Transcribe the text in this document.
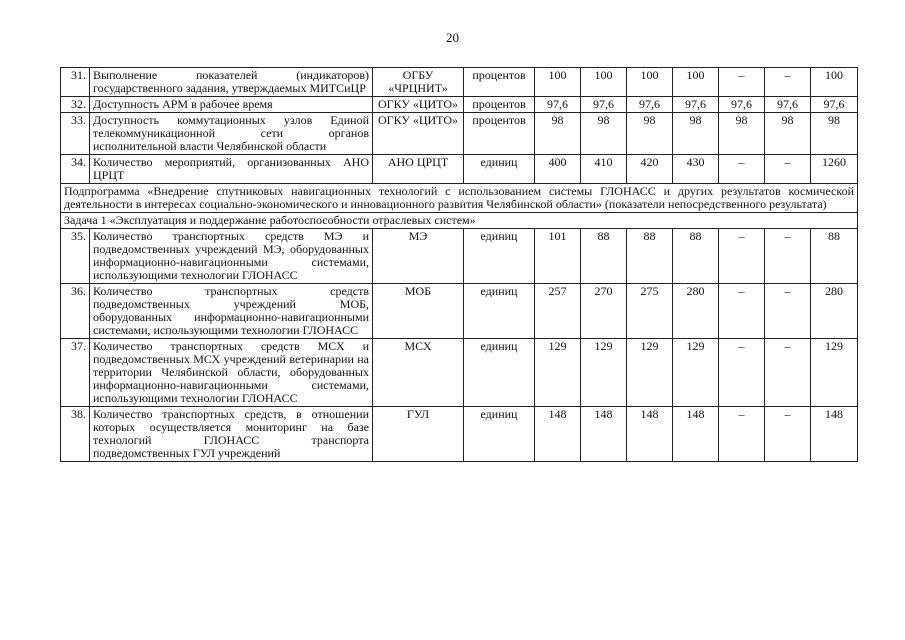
20
31.	Выполнение показателей (индикаторов) государственного задания, утверждаемых МИТСиЦР	ОГБУ «ЧРЦНИТ»	процентов	100	100	100	100	–	–	100
32.	Доступность АРМ в рабочее время	ОГКУ «ЦИТО»	процентов	97,6	97,6	97,6	97,6	97,6	97,6	97,6
33.	Доступность коммутационных узлов Единой телекоммуникационной сети органов исполнительной власти Челябинской области	ОГКУ «ЦИТО»	процентов	98	98	98	98	98	98	98
34.	Количество мероприятий, организованных АНО ЦРЦТ	АНО ЦРЦТ	единиц	400	410	420	430	–	–	1260
Подпрограмма «Внедрение спутниковых навигационных технологий с использованием системы ГЛОНАСС и других результатов космической деятельности в интересах социально-экономического и инновационного развития Челябинской области» (показатели непосредственного результата)										
Задача 1 «Эксплуатация и поддержание работоспособности отраслевых систем»										
35.	Количество транспортных средств МЭ и подведомственных учреждений МЭ, оборудованных информационно-навигационными системами, использующими технологии ГЛОНАСС	МЭ	единиц	101	88	88	88	–	–	88
36.	Количество транспортных средств подведомственных учреждений МОБ, оборудованных информационно-навигационными системами, использующими технологии ГЛОНАСС	МОБ	единиц	257	270	275	280	–	–	280
37.	Количество транспортных средств МСХ и подведомственных МСХ учреждений ветеринарии на территории Челябинской области, оборудованных информационно-навигационными системами, использующими технологии ГЛОНАСС	МСХ	единиц	129	129	129	129	–	–	129
38.	Количество транспортных средств, в отношении которых осуществляется мониторинг на базе технологий ГЛОНАСС транспорта подведомственных ГУЛ учреждений	ГУЛ	единиц	148	148	148	148	–	–	148
